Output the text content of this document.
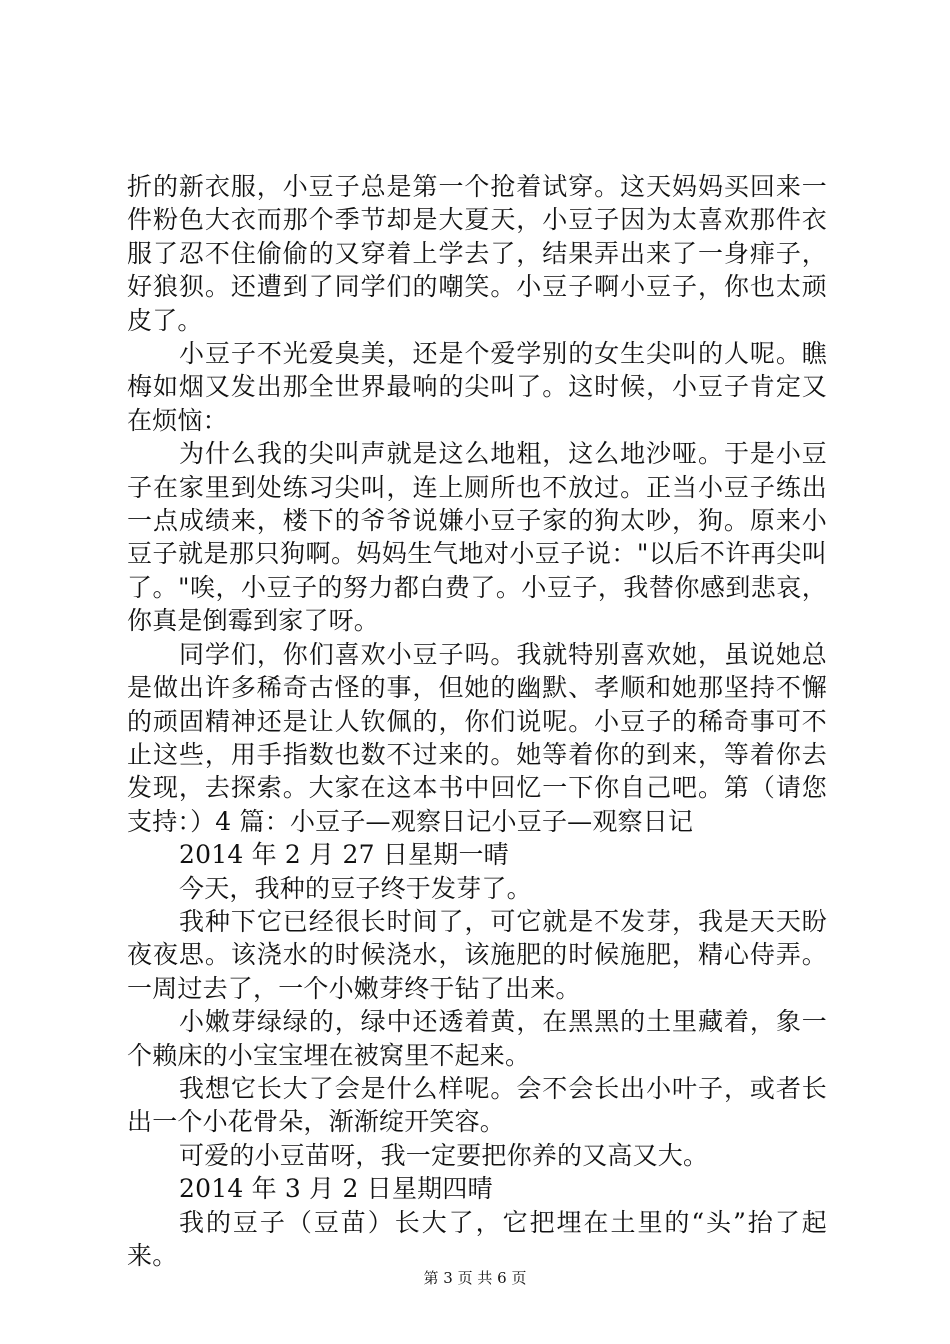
折的新衣服，小豆子总是第一个抢着试穿。这天妈妈买回来一件粉色大衣而那个季节却是大夏天，小豆子因为太喜欢那件衣服了忍不住偷偷的又穿着上学去了，结果弄出来了一身痱子，好狼狈。还遭到了同学们的嘲笑。小豆子啊小豆子，你也太顽皮了。

小豆子不光爱臭美，还是个爱学别的女生尖叫的人呢。瞧梅如烟又发出那全世界最响的尖叫了。这时候，小豆子肯定又在烦恼：

为什么我的尖叫声就是这么地粗，这么地沙哑。于是小豆子在家里到处练习尖叫，连上厕所也不放过。正当小豆子练出一点成绩来，楼下的爷爷说嫌小豆子家的狗太吵，狗。原来小豆子就是那只狗啊。妈妈生气地对小豆子说："以后不许再尖叫了。"唉，小豆子的努力都白费了。小豆子，我替你感到悲哀，你真是倒霉到家了呀。

同学们，你们喜欢小豆子吗。我就特别喜欢她，虽说她总是做出许多稀奇古怪的事，但她的幽默、孝顺和她那坚持不懈的顽固精神还是让人钦佩的，你们说呢。小豆子的稀奇事可不止这些，用手指数也数不过来的。她等着你的到来，等着你去发现，去探索。大家在这本书中回忆一下你自己吧。第（请您支持：）4 篇：小豆子—观察日记小豆子—观察日记

2014 年 2 月 27 日星期一晴

今天，我种的豆子终于发芽了。

我种下它已经很长时间了，可它就是不发芽，我是天天盼夜夜思。该浇水的时候浇水，该施肥的时候施肥，精心侍弄。一周过去了，一个小嫩芽终于钻了出来。

小嫩芽绿绿的，绿中还透着黄，在黑黑的土里藏着，象一个赖床的小宝宝埋在被窝里不起来。

我想它长大了会是什么样呢。会不会长出小叶子，或者长出一个小花骨朵，渐渐绽开笑容。

可爱的小豆苗呀，我一定要把你养的又高又大。

2014 年 3 月 2 日星期四晴

我的豆子（豆苗）长大了，它把埋在土里的“头”抬了起来。

第 3 页 共 6 页
